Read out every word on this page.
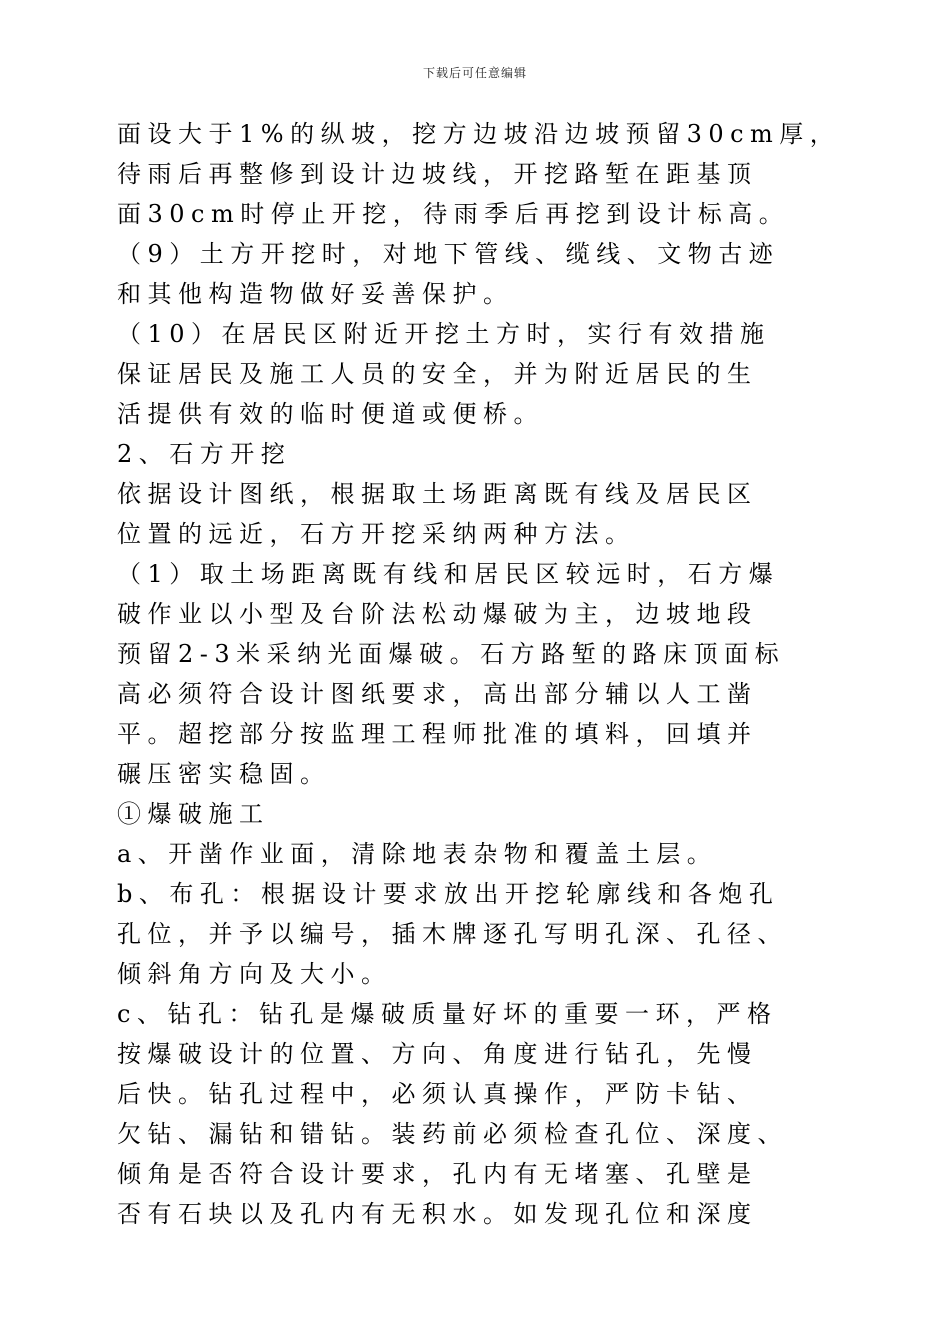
下载后可任意编辑
面设大于1%的纵坡，挖方边坡沿边坡预留30cm厚，
待雨后再整修到设计边坡线，开挖路堑在距基顶
面30cm时停止开挖，待雨季后再挖到设计标高。
（9）土方开挖时，对地下管线、缆线、文物古迹
和其他构造物做好妥善保护。
（10）在居民区附近开挖土方时，实行有效措施
保证居民及施工人员的安全，并为附近居民的生
活提供有效的临时便道或便桥。
2、石方开挖
依据设计图纸，根据取土场距离既有线及居民区
位置的远近，石方开挖采纳两种方法。
（1）取土场距离既有线和居民区较远时，石方爆
破作业以小型及台阶法松动爆破为主，边坡地段
预留2-3米采纳光面爆破。石方路堑的路床顶面标
高必须符合设计图纸要求，高出部分辅以人工凿
平。超挖部分按监理工程师批准的填料，回填并
碾压密实稳固。
①爆破施工
a、开凿作业面，清除地表杂物和覆盖土层。
b、布孔：根据设计要求放出开挖轮廓线和各炮孔
孔位，并予以编号，插木牌逐孔写明孔深、孔径、
倾斜角方向及大小。
c、钻孔：钻孔是爆破质量好坏的重要一环，严格
按爆破设计的位置、方向、角度进行钻孔，先慢
后快。钻孔过程中，必须认真操作，严防卡钻、
欠钻、漏钻和错钻。装药前必须检查孔位、深度、
倾角是否符合设计要求，孔内有无堵塞、孔壁是
否有石块以及孔内有无积水。如发现孔位和深度
